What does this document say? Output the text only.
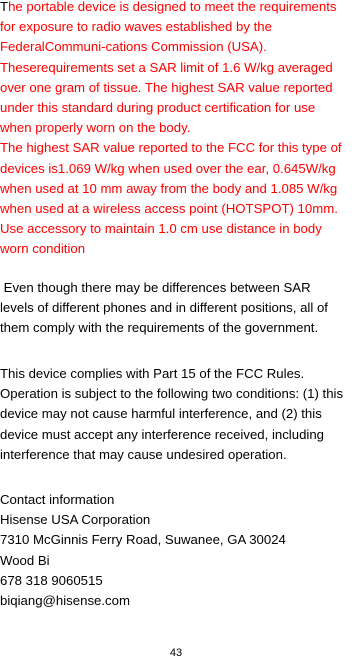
The portable device is designed to meet the requirements
for exposure to radio waves established by the
FederalCommuni-cations Commission (USA).
Theserequirements set a SAR limit of 1.6 W/kg averaged
over one gram of tissue. The highest SAR value reported
under this standard during product certification for use
when properly worn on the body.
The highest SAR value reported to the FCC for this type of
devices is1.069 W/kg when used over the ear, 0.645W/kg
when used at 10 mm away from the body and 1.085 W/kg
when used at a wireless access point (HOTSPOT) 10mm.
Use accessory to maintain 1.0 cm use distance in body
worn condition
Even though there may be differences between SAR
levels of different phones and in different positions, all of
them comply with the requirements of the government.
This device complies with Part 15 of the FCC Rules.
Operation is subject to the following two conditions: (1) this
device may not cause harmful interference, and (2) this
device must accept any interference received, including
interference that may cause undesired operation.
Contact information
Hisense USA Corporation
7310 McGinnis Ferry Road, Suwanee, GA 30024
Wood Bi
678 318 9060515
biqiang@hisense.com
43
